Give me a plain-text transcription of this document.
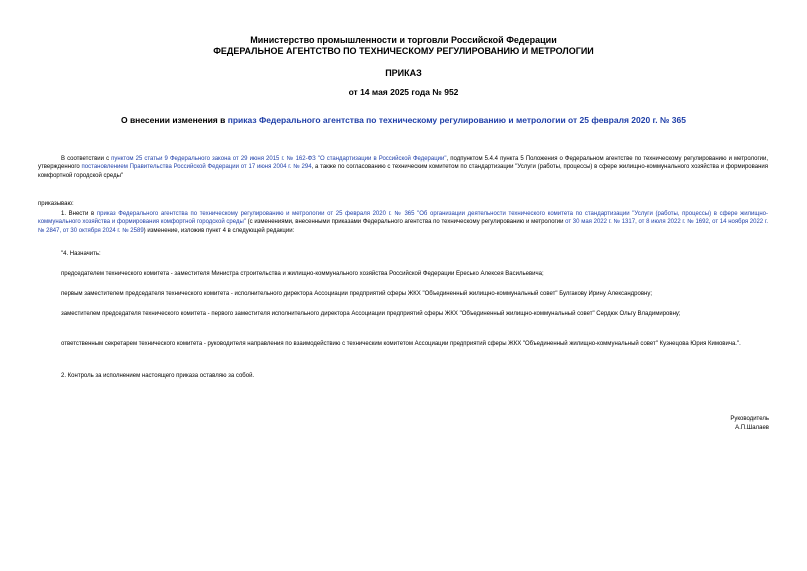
Министерство промышленности и торговли Российской Федерации
ФЕДЕРАЛЬНОЕ АГЕНТСТВО ПО ТЕХНИЧЕСКОМУ РЕГУЛИРОВАНИЮ И МЕТРОЛОГИИ
ПРИКАЗ
от 14 мая 2025 года № 952
О внесении изменения в приказ Федерального агентства по техническому регулированию и метрологии от 25 февраля 2020 г. № 365
В соответствии с пунктом 25 статьи 9 Федерального закона от 29 июня 2015 г. № 162-ФЗ "О стандартизации в Российской Федерации", подпунктом 5.4.4 пункта 5 Положения о Федеральном агентстве по техническому регулированию и метрологии, утвержденного постановлением Правительства Российской Федерации от 17 июня 2004 г. № 294, а также по согласованию с техническим комитетом по стандартизации "Услуги (работы, процессы) в сфере жилищно-коммунального хозяйства и формирования комфортной городской среды"
приказываю:
1. Внести в приказ Федерального агентства по техническому регулированию и метрологии от 25 февраля 2020 г. № 365 "Об организации деятельности технического комитета по стандартизации "Услуги (работы, процессы) в сфере жилищно-коммунального хозяйства и формирования комфортной городской среды" (с изменениями, внесенными приказами Федерального агентства по техническому регулированию и метрологии от 30 мая 2022 г. № 1317, от 8 июля 2022 г. № 1692, от 14 ноября 2022 г. № 2847, от 30 октября 2024 г. № 2589) изменение, изложив пункт 4 в следующей редакции:
"4. Назначить:
председателем технического комитета - заместителя Министра строительства и жилищно-коммунального хозяйства Российской Федерации Ересько Алексея Васильевича;
первым заместителем председателя технического комитета - исполнительного директора Ассоциации предприятий сферы ЖКХ "Объединенный жилищно-коммунальный совет" Булгакову Ирину Александровну;
заместителем председателя технического комитета - первого заместителя исполнительного директора Ассоциации предприятий сферы ЖКХ "Объединенный жилищно-коммунальный совет" Сердюк Ольгу Владимировну;
ответственным секретарем технического комитета - руководителя направления по взаимодействию с техническим комитетом Ассоциации предприятий сферы ЖКХ "Объединенный жилищно-коммунальный совет" Кузнецова Юрия Кимовича.".
2. Контроль за исполнением настоящего приказа оставляю за собой.
Руководитель
А.П.Шалаев
